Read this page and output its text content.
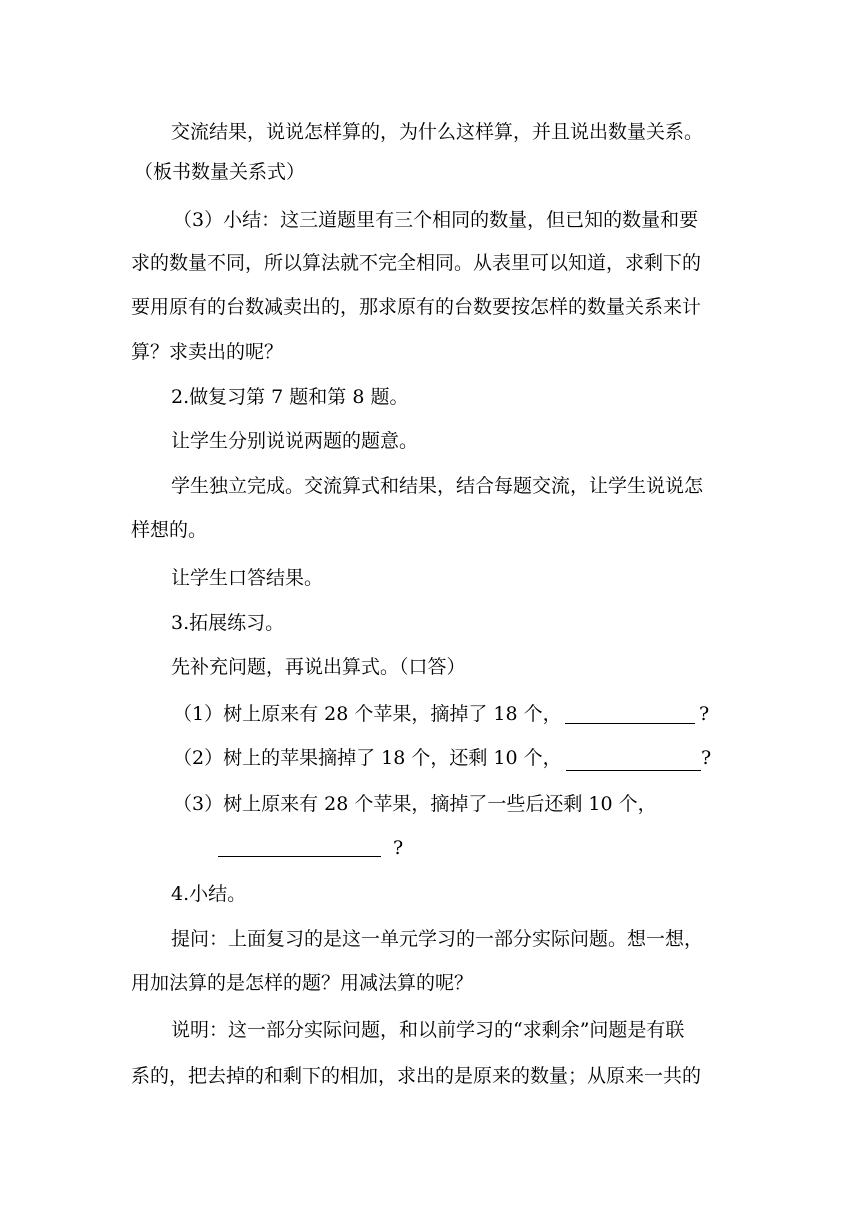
交流结果，说说怎样算的，为什么这样算，并且说出数量关系。
（板书数量关系式）
（3）小结：这三道题里有三个相同的数量，但已知的数量和要
求的数量不同，所以算法就不完全相同。从表里可以知道，求剩下的
要用原有的台数减卖出的，那求原有的台数要按怎样的数量关系来计
算？求卖出的呢？
2.做复习第 7 题和第 8 题。
让学生分别说说两题的题意。
学生独立完成。交流算式和结果，结合每题交流，让学生说说怎
样想的。
让学生口答结果。
3.拓展练习。
先补充问题，再说出算式。（口答）
（1）树上原来有 28 个苹果，摘掉了 18 个，	?
（2）树上的苹果摘掉了 18 个，还剩 10 个，	?
（3）树上原来有 28 个苹果，摘掉了一些后还剩 10 个，
?
4.小结。
提问：上面复习的是这一单元学习的一部分实际问题。想一想，
用加法算的是怎样的题？用减法算的呢？
说明：这一部分实际问题，和以前学习的“求剩余”问题是有联
系的，把去掉的和剩下的相加，求出的是原来的数量；从原来一共的
